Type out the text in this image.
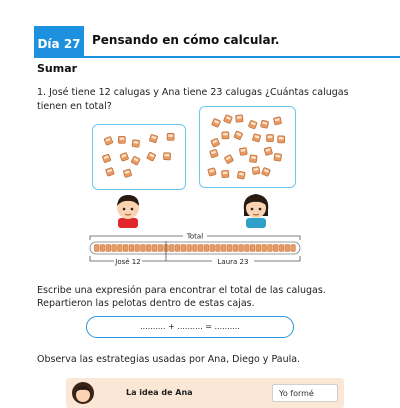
Día 27 Pensando en cómo calcular.
Sumar
1. José tiene 12 calugas y Ana tiene 23 calugas ¿Cuántas calugas tienen en total?
Total
José 12	Laura 23
Escribe una expresión para encontrar el total de las calugas. Repartieron las pelotas dentro de estas cajas.
.......... + .......... = ..........
Observa las estrategias usadas por Ana, Diego y Paula.
La idea de Ana	Yo formé
